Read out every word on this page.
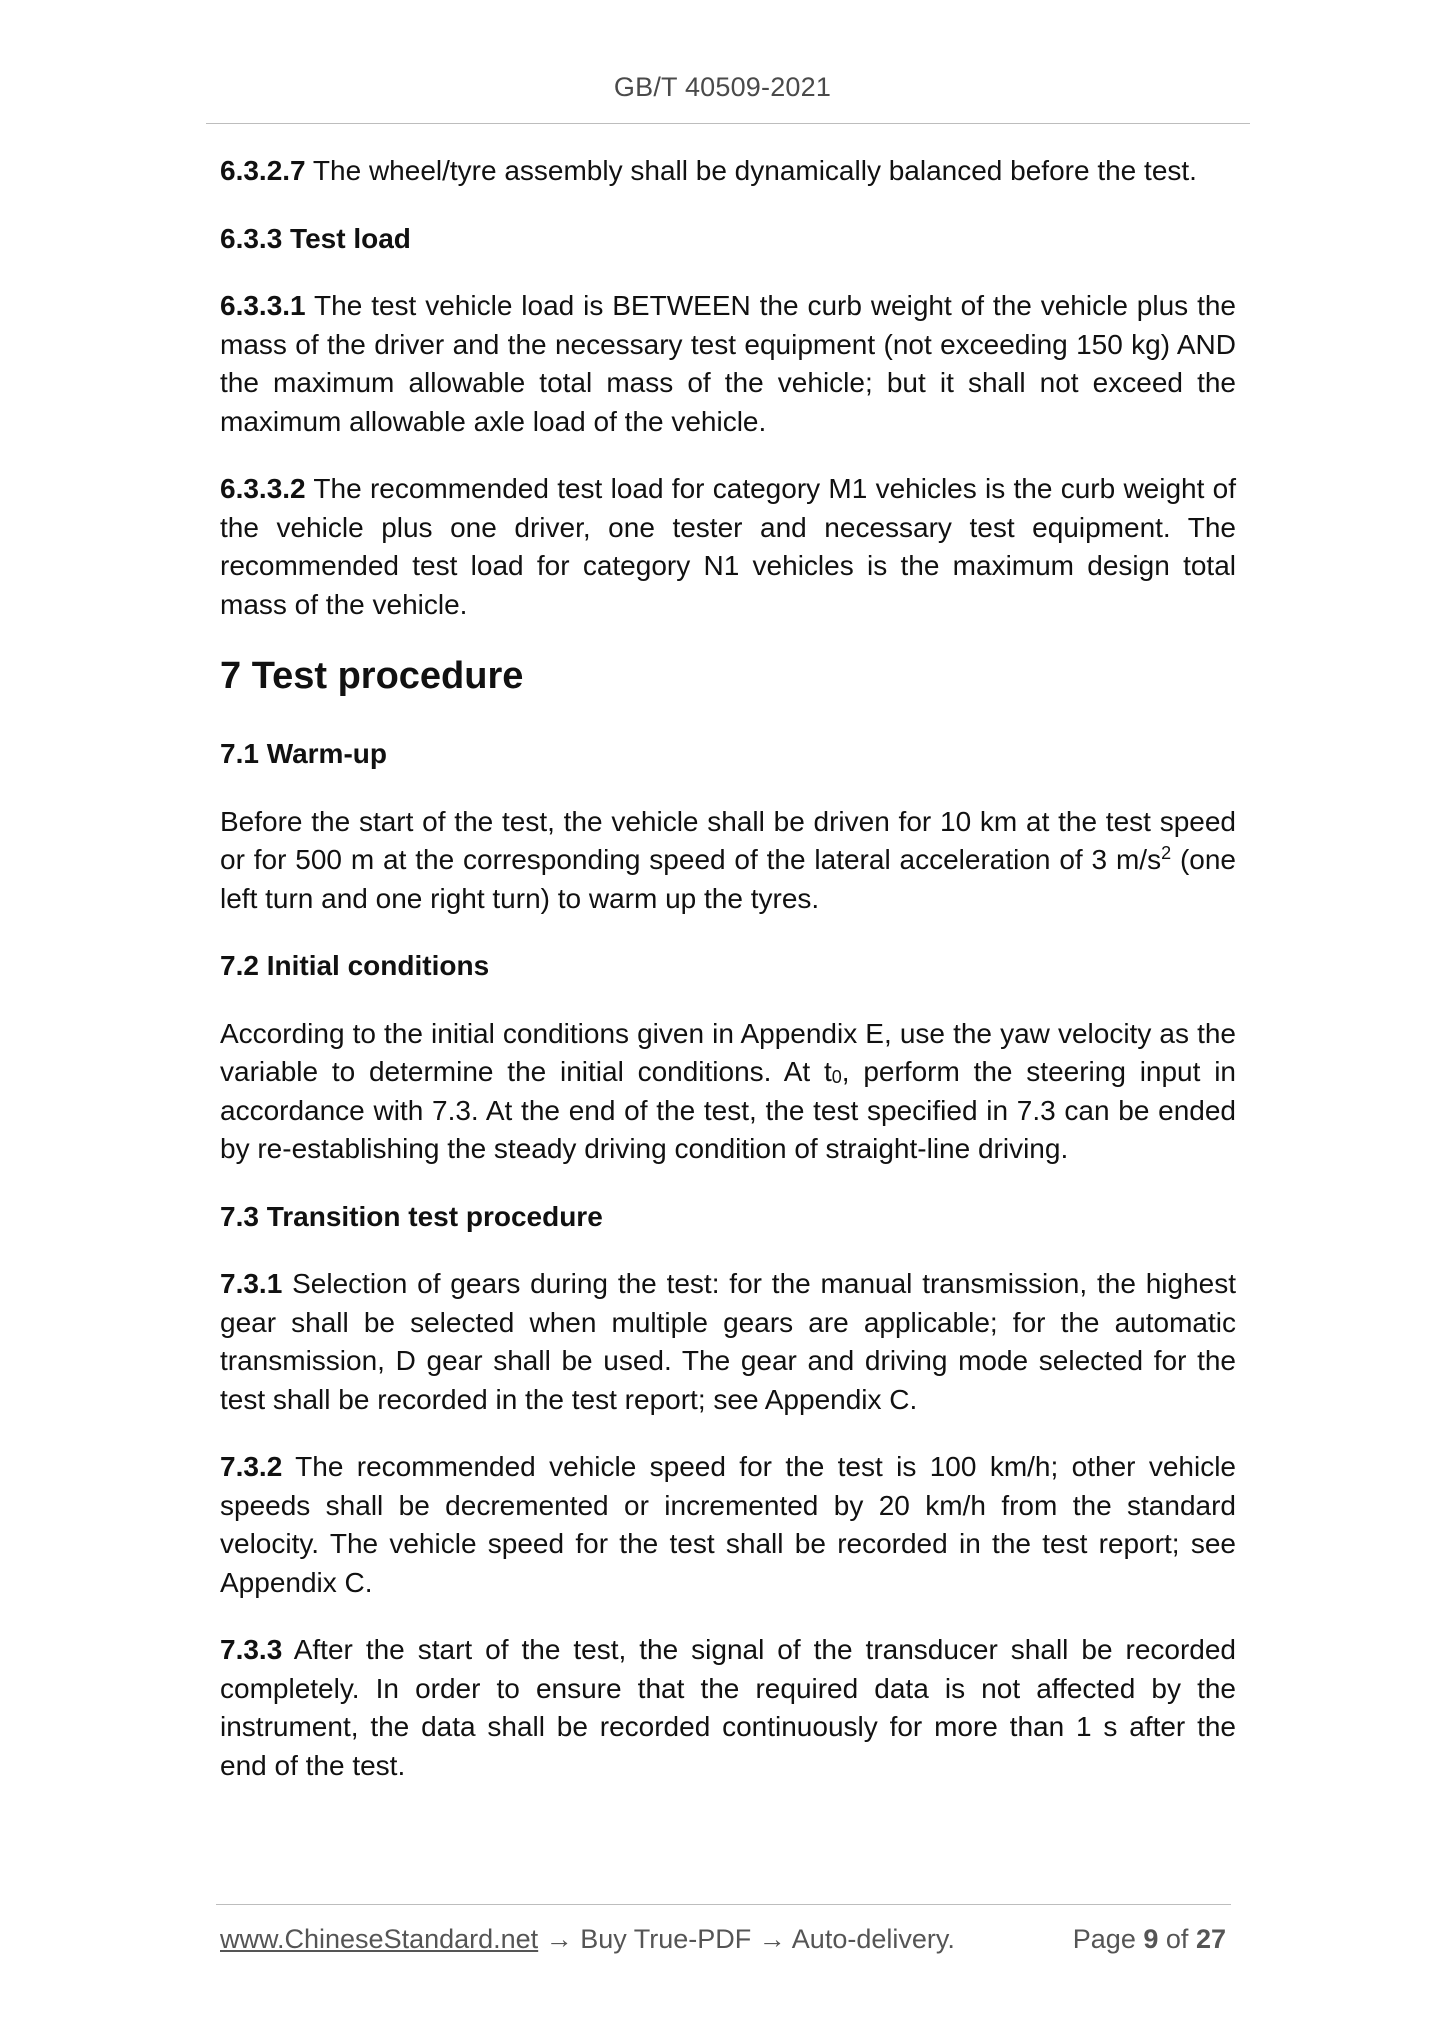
GB/T 40509-2021

6.3.2.7 The wheel/tyre assembly shall be dynamically balanced before the test.

6.3.3 Test load

6.3.3.1 The test vehicle load is BETWEEN the curb weight of the vehicle plus the mass of the driver and the necessary test equipment (not exceeding 150 kg) AND the maximum allowable total mass of the vehicle; but it shall not exceed the maximum allowable axle load of the vehicle.

6.3.3.2 The recommended test load for category M1 vehicles is the curb weight of the vehicle plus one driver, one tester and necessary test equipment. The recommended test load for category N1 vehicles is the maximum design total mass of the vehicle.

7 Test procedure
7.1 Warm-up

Before the start of the test, the vehicle shall be driven for 10 km at the test speed or for 500 m at the corresponding speed of the lateral acceleration of 3 $m/s^2$ (one left turn and one right turn) to warm up the tyres.

7.2 Initial conditions

According to the initial conditions given in Appendix E, use the yaw velocity as the variable to determine the initial conditions. At $t_0$, perform the steering input in accordance with 7.3. At the end of the test, the test specified in 7.3 can be ended by re-establishing the steady driving condition of straight-line driving.

7.3 Transition test procedure

7.3.1 Selection of gears during the test: for the manual transmission, the highest gear shall be selected when multiple gears are applicable; for the automatic transmission, D gear shall be used. The gear and driving mode selected for the test shall be recorded in the test report; see Appendix C.

7.3.2 The recommended vehicle speed for the test is 100 km/h; other vehicle speeds shall be decremented or incremented by 20 km/h from the standard velocity. The vehicle speed for the test shall be recorded in the test report; see Appendix C.

7.3.3 After the start of the test, the signal of the transducer shall be recorded completely. In order to ensure that the required data is not affected by the instrument, the data shall be recorded continuously for more than 1 s after the end of the test.

www.ChineseStandard.net → Buy True-PDF → Auto-delivery.	Page 9 of 27
